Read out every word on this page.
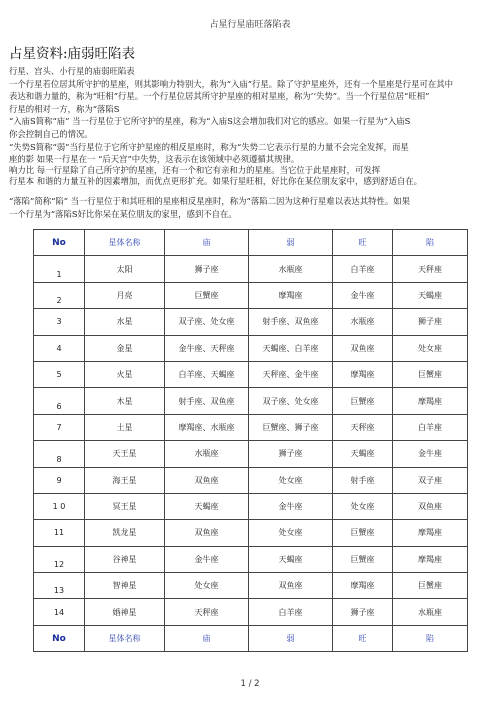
占星行星庙旺落陷表
占星资料:庙弱旺陷表
行星、宫头、小行星的庙弱旺陷表
一个行星若位居其所守护的星座，则其影响力特别大，称为“入庙”行星。除了守护星座外，还有一个星座是行星可在其中
表达和谐力量的，称为“旺相”行星。一个行星位居其所守护星座的相对星座，称为’‘失势”。当一个行星位居“旺相”
行星的相对一方，称为“落陷S
“入庙S简称“庙” 当一行星位于它所守护的星座，称为“入庙S这会增加我们对它的感应。如果一行星为“入庙S
你会控制自己的情况。
“失势S简称“弱”当行星位于它所守护星座的相反星座时，称为“失势二它表示行星的力量不会完全发挥，而星
座的影 如果一行星在一 “后天宫”中失势，这表示在该领域中必须遵循其规律。
响力比 每一行星除了自己所守护的星座，还有一个和它有亲和力的星座。当它位于此星座时，可发挥
行星本 和谐的力量互补的因素增加，而优点更形扩充。如果行星旺相，好比你在某位朋友家中，感到舒适自在。
“落陷”简称“陷” 当一行星位于和其旺相的星座相反星座时，称为“落陷二因为这种行星难以表达其特性。如果
一个行星为“落陷S好比你呆在某位朋友的家里，感到不自在。
No	星体名称	庙	弱	旺	陷
1	太阳	狮子座	水瓶座	白羊座	天秤座
2	月亮	巨蟹座	摩羯座	金牛座	天蝎座
3	水星	双子座、处女座	射手座、双鱼座	水瓶座	狮子座
4	金星	金牛座、天秤座	天蝎座、白羊座	双鱼座	处女座
5	火星	白羊座、天蝎座	天秤座、金牛座	摩羯座	巨蟹座
6	木星	射手座、双鱼座	双子座、处女座	巨蟹座	摩羯座
7	土星	摩羯座、水瓶座	巨蟹座、狮子座	天秤座	白羊座
8	天王星	水瓶座	狮子座	天蝎座	金牛座
9	海王星	双鱼座	处女座	射手座	双子座
1 0	冥王星	天蝎座	金牛座	处女座	双鱼座
11	凯龙星	双鱼座	处女座	巨蟹座	摩羯座
12	谷神星	金牛座	天蝎座	巨蟹座	摩羯座
13	智神星	处女座	双鱼座	摩羯座	巨蟹座
14	婚神星	天秤座	白羊座	狮子座	水瓶座
No	星体名称	庙	弱	旺	陷
1 / 2
